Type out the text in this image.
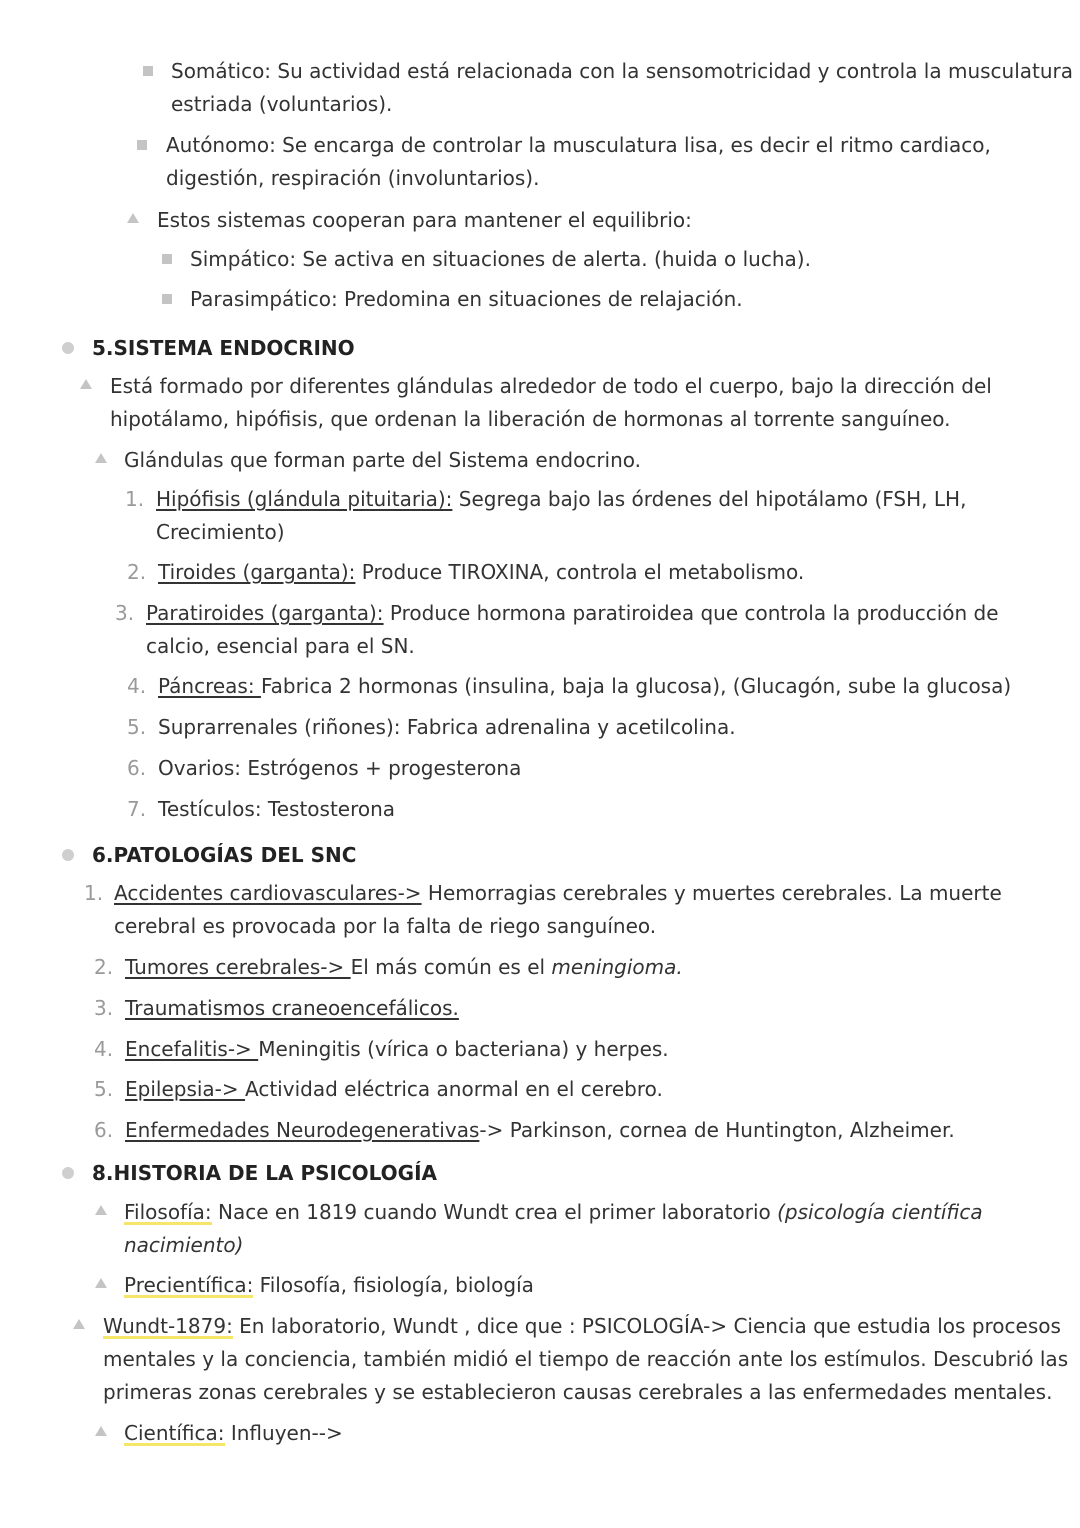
Somático: Su actividad está relacionada con la sensomotricidad y controla la musculatura
estriada (voluntarios).
Autónomo: Se encarga de controlar la musculatura lisa, es decir el ritmo cardiaco,
digestión, respiración (involuntarios).
Estos sistemas cooperan para mantener el equilibrio:
Simpático: Se activa en situaciones de alerta. (huida o lucha).
Parasimpático: Predomina en situaciones de relajación.
5.SISTEMA ENDOCRINO
Está formado por diferentes glándulas alrededor de todo el cuerpo, bajo la dirección del
hipotálamo, hipófisis, que ordenan la liberación de hormonas al torrente sanguíneo.
Glándulas que forman parte del Sistema endocrino.
1. Hipófisis (glándula pituitaria): Segrega bajo las órdenes del hipotálamo (FSH, LH,
Crecimiento)
2. Tiroides (garganta): Produce TIROXINA, controla el metabolismo.
3. Paratiroides (garganta): Produce hormona paratiroidea que controla la producción de
calcio, esencial para el SN.
4. Páncreas: Fabrica 2 hormonas (insulina, baja la glucosa), (Glucagón, sube la glucosa)
5. Suprarrenales (riñones): Fabrica adrenalina y acetilcolina.
6. Ovarios: Estrógenos + progesterona
7. Testículos: Testosterona
6.PATOLOGÍAS DEL SNC
1. Accidentes cardiovasculares-> Hemorragias cerebrales y muertes cerebrales. La muerte
cerebral es provocada por la falta de riego sanguíneo.
2. Tumores cerebrales-> El más común es el meningioma.
3. Traumatismos craneoencefálicos.
4. Encefalitis-> Meningitis (vírica o bacteriana) y herpes.
5. Epilepsia-> Actividad eléctrica anormal en el cerebro.
6. Enfermedades Neurodegenerativas-> Parkinson, cornea de Huntington, Alzheimer.
8.HISTORIA DE LA PSICOLOGÍA
Filosofía: Nace en 1819 cuando Wundt crea el primer laboratorio (psicología científica
nacimiento)
Precientífica: Filosofía, fisiología, biología
Wundt-1879: En laboratorio, Wundt , dice que : PSICOLOGÍA-> Ciencia que estudia los procesos
mentales y la conciencia, también midió el tiempo de reacción ante los estímulos. Descubrió las
primeras zonas cerebrales y se establecieron causas cerebrales a las enfermedades mentales.
Científica: Influyen-->
